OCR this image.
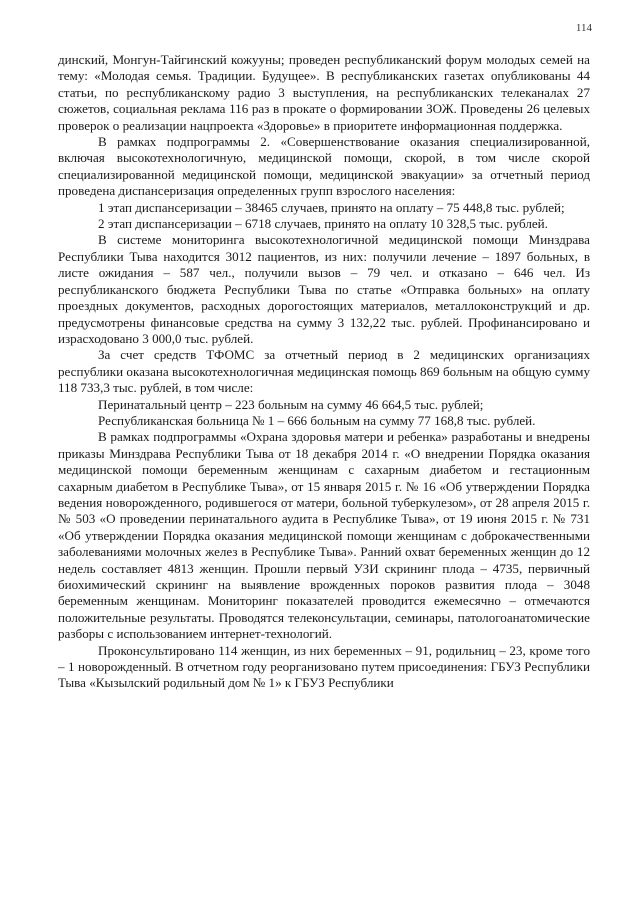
114

динский, Монгун-Тайгинский кожууны; проведен республиканский форум молодых семей на тему: «Молодая семья. Традиции. Будущее». В республиканских газетах опубликованы 44 статьи, по республиканскому радио 3 выступления, на республиканских телеканалах 27 сюжетов, социальная реклама 116 раз в прокате о формировании ЗОЖ. Проведены 26 целевых проверок о реализации нацпроекта «Здоровье» в приоритете информационная поддержка.

В рамках подпрограммы 2. «Совершенствование оказания специализированной, включая высокотехнологичную, медицинской помощи, скорой, в том числе скорой специализированной медицинской помощи, медицинской эвакуации» за отчетный период проведена диспансеризация определенных групп взрослого населения:

1 этап диспансеризации – 38465 случаев, принято на оплату – 75 448,8 тыс. рублей;

2 этап диспансеризации – 6718 случаев, принято на оплату 10 328,5 тыс. рублей.

В системе мониторинга высокотехнологичной медицинской помощи Минздрава Республики Тыва находится 3012 пациентов, из них: получили лечение – 1897 больных, в листе ожидания – 587 чел., получили вызов – 79 чел. и отказано – 646 чел. Из республиканского бюджета Республики Тыва по статье «Отправка больных» на оплату проездных документов, расходных дорогостоящих материалов, металлоконструкций и др. предусмотрены финансовые средства на сумму 3 132,22 тыс. рублей. Профинансировано и израсходовано 3 000,0 тыс. рублей.

За счет средств ТФОМС за отчетный период в 2 медицинских организациях республики оказана высокотехнологичная медицинская помощь 869 больным на общую сумму 118 733,3 тыс. рублей, в том числе:

Перинатальный центр – 223 больным на сумму 46 664,5 тыс. рублей;

Республиканская больница № 1 – 666 больным на сумму 77 168,8 тыс. рублей.

В рамках подпрограммы «Охрана здоровья матери и ребенка» разработаны и внедрены приказы Минздрава Республики Тыва от 18 декабря 2014 г. «О внедрении Порядка оказания медицинской помощи беременным женщинам с сахарным диабетом и гестационным сахарным диабетом в Республике Тыва», от 15 января 2015 г. № 16 «Об утверждении Порядка ведения новорожденного, родившегося от матери, больной туберкулезом», от 28 апреля 2015 г. № 503 «О проведении перинатального аудита в Республике Тыва», от 19 июня 2015 г. № 731 «Об утверждении Порядка оказания медицинской помощи женщинам с доброкачественными заболеваниями молочных желез в Республике Тыва». Ранний охват беременных женщин до 12 недель составляет 4813 женщин. Прошли первый УЗИ скрининг плода – 4735, первичный биохимический скрининг на выявление врожденных пороков развития плода – 3048 беременным женщинам. Мониторинг показателей проводится ежемесячно – отмечаются положительные результаты. Проводятся телеконсультации, семинары, патологоанатомические разборы с использованием интернет-технологий.

Проконсультировано 114 женщин, из них беременных – 91, родильниц – 23, кроме того – 1 новорожденный. В отчетном году реорганизовано путем присоединения: ГБУЗ Республики Тыва «Кызылский родильный дом № 1» к ГБУЗ Республики
